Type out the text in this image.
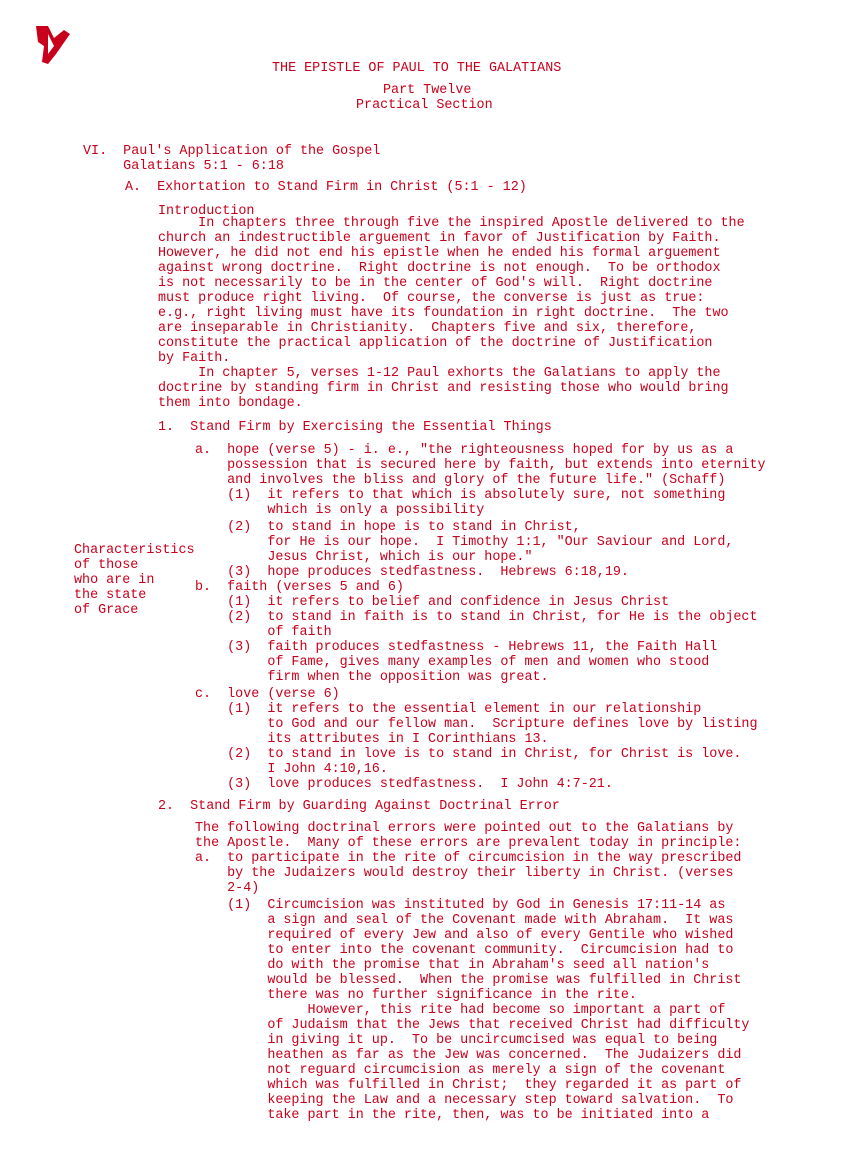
THE EPISTLE OF PAUL TO THE GALATIANS
Part Twelve
Practical Section
Characteristics
of those
who are in
the state
of Grace
VI.  Paul's Application of the Gospel
Galatians 5:1 - 6:18
A.  Exhortation to Stand Firm in Christ (5:1 - 12)
Introduction
In chapters three through five the inspired Apostle delivered to the
church an indestructible arguement in favor of Justification by Faith.
However, he did not end his epistle when he ended his formal arguement
against wrong doctrine.  Right doctrine is not enough.  To be orthodox
is not necessarily to be in the center of God's will.  Right doctrine
must produce right living.  Of course, the converse is just as true:
e.g., right living must have its foundation in right doctrine.  The two
are inseparable in Christianity.  Chapters five and six, therefore,
constitute the practical application of the doctrine of Justification
by Faith.
In chapter 5, verses 1-12 Paul exhorts the Galatians to apply the
doctrine by standing firm in Christ and resisting those who would bring
them into bondage.
1.  Stand Firm by Exercising the Essential Things
a.  hope (verse 5) - i. e., "the righteousness hoped for by us as a
possession that is secured here by faith, but extends into eternity
and involves the bliss and glory of the future life." (Schaff)
(1)  it refers to that which is absolutely sure, not something
which is only a possibility
(2)  to stand in hope is to stand in Christ,
for He is our hope.  I Timothy 1:1, "Our Saviour and Lord,
Jesus Christ, which is our hope."
(3)  hope produces stedfastness.  Hebrews 6:18,19.
b.  faith (verses 5 and 6)
(1)  it refers to belief and confidence in Jesus Christ
(2)  to stand in faith is to stand in Christ, for He is the object
of faith
(3)  faith produces stedfastness - Hebrews 11, the Faith Hall
of Fame, gives many examples of men and women who stood
firm when the opposition was great.
c.  love (verse 6)
(1)  it refers to the essential element in our relationship
to God and our fellow man.  Scripture defines love by listing
its attributes in I Corinthians 13.
(2)  to stand in love is to stand in Christ, for Christ is love.
I John 4:10,16.
(3)  love produces stedfastness.  I John 4:7-21.
2.  Stand Firm by Guarding Against Doctrinal Error
The following doctrinal errors were pointed out to the Galatians by
the Apostle.  Many of these errors are prevalent today in principle:
a.  to participate in the rite of circumcision in the way prescribed
by the Judaizers would destroy their liberty in Christ. (verses
2-4)
(1)  Circumcision was instituted by God in Genesis 17:11-14 as
a sign and seal of the Covenant made with Abraham.  It was
required of every Jew and also of every Gentile who wished
to enter into the covenant community.  Circumcision had to
do with the promise that in Abraham's seed all nation's
would be blessed.  When the promise was fulfilled in Christ
there was no further significance in the rite.
However, this rite had become so important a part of
of Judaism that the Jews that received Christ had difficulty
in giving it up.  To be uncircumcised was equal to being
heathen as far as the Jew was concerned.  The Judaizers did
not reguard circumcision as merely a sign of the covenant
which was fulfilled in Christ;  they regarded it as part of
keeping the Law and a necessary step toward salvation.  To
take part in the rite, then, was to be initiated into a
